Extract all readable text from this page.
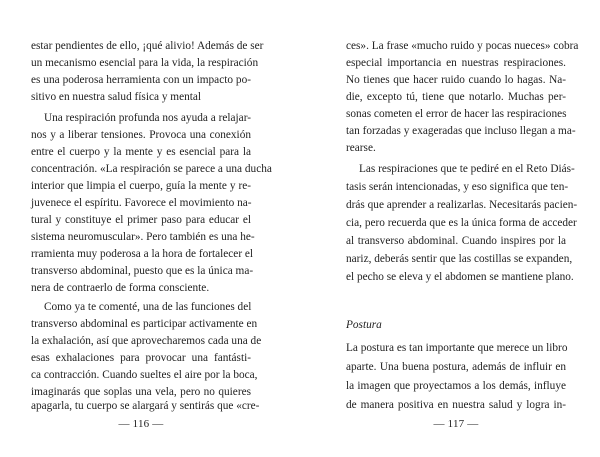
estar pendientes de ello, ¡qué alivio! Además de ser
un mecanismo esencial para la vida, la respiración
es una poderosa herramienta con un impacto po-
sitivo en nuestra salud física y mental
Una respiración profunda nos ayuda a relajar-
nos y a liberar tensiones. Provoca una conexión
entre el cuerpo y la mente y es esencial para la
concentración. «La respiración se parece a una ducha
interior que limpia el cuerpo, guía la mente y re-
juvenece el espíritu. Favorece el movimiento na-
tural y constituye el primer paso para educar el
sistema neuromuscular». Pero también es una he-
rramienta muy poderosa a la hora de fortalecer el
transverso abdominal, puesto que es la única ma-
nera de contraerlo de forma consciente.
Como ya te comenté, una de las funciones del
transverso abdominal es participar activamente en
la exhalación, así que aprovecharemos cada una de
esas exhalaciones para provocar una fantásti-
ca contracción. Cuando sueltes el aire por la boca,
imaginarás que soplas una vela, pero no quieres
apagarla, tu cuerpo se alargará y sentirás que «cre-
— 116 —
ces». La frase «mucho ruido y pocas nueces» cobra
especial importancia en nuestras respiraciones.
No tienes que hacer ruido cuando lo hagas. Na-
die, excepto tú, tiene que notarlo. Muchas per-
sonas cometen el error de hacer las respiraciones
tan forzadas y exageradas que incluso llegan a ma-
rearse.
Las respiraciones que te pediré en el Reto Diás-
tasis serán intencionadas, y eso significa que ten-
drás que aprender a realizarlas. Necesitarás pacien-
cia, pero recuerda que es la única forma de acceder
al transverso abdominal. Cuando inspires por la
nariz, deberás sentir que las costillas se expanden,
el pecho se eleva y el abdomen se mantiene plano.
Postura
La postura es tan importante que merece un libro
aparte. Una buena postura, además de influir en
la imagen que proyectamos a los demás, influye
de manera positiva en nuestra salud y logra in-
— 117 —
